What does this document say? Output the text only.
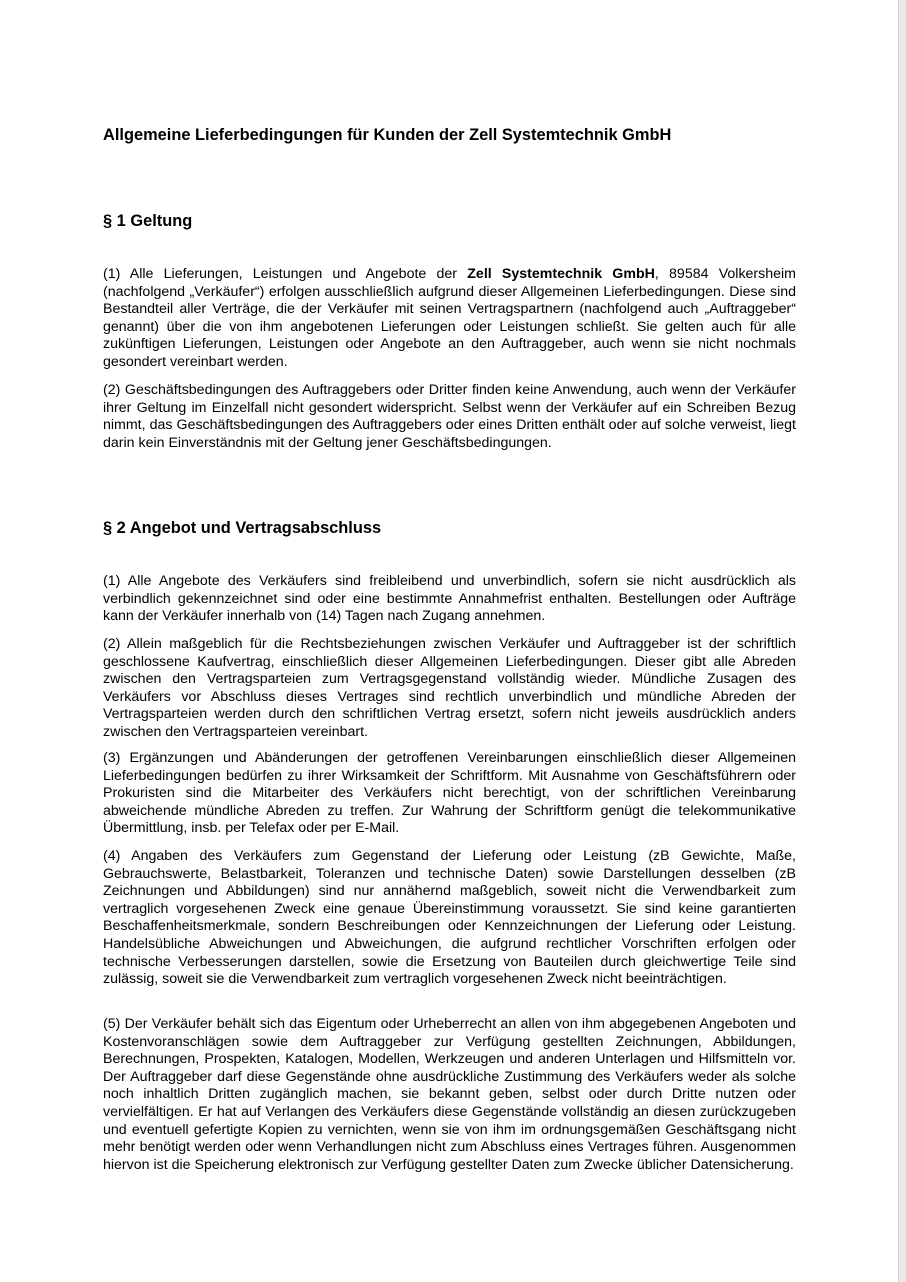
Allgemeine Lieferbedingungen für Kunden der Zell Systemtechnik GmbH
§ 1 Geltung

(1) Alle Lieferungen, Leistungen und Angebote der Zell Systemtechnik GmbH, 89584 Volkersheim (nachfolgend „Verkäufer“) erfolgen ausschließlich aufgrund dieser Allgemeinen Lieferbedingungen. Diese sind Bestandteil aller Verträge, die der Verkäufer mit seinen Vertragspartnern (nachfolgend auch „Auftraggeber“ genannt) über die von ihm angebotenen Lieferungen oder Leistungen schließt. Sie gelten auch für alle zukünftigen Lieferungen, Leistungen oder Angebote an den Auftraggeber, auch wenn sie nicht nochmals gesondert vereinbart werden.

(2) Geschäftsbedingungen des Auftraggebers oder Dritter finden keine Anwendung, auch wenn der Verkäufer ihrer Geltung im Einzelfall nicht gesondert widerspricht. Selbst wenn der Verkäufer auf ein Schreiben Bezug nimmt, das Geschäftsbedingungen des Auftraggebers oder eines Dritten enthält oder auf solche verweist, liegt darin kein Einverständnis mit der Geltung jener Geschäftsbedingungen.

§ 2 Angebot und Vertragsabschluss

(1) Alle Angebote des Verkäufers sind freibleibend und unverbindlich, sofern sie nicht ausdrücklich als verbindlich gekennzeichnet sind oder eine bestimmte Annahmefrist enthalten. Bestellungen oder Aufträge kann der Verkäufer innerhalb von (14) Tagen nach Zugang annehmen.

(2) Allein maßgeblich für die Rechtsbeziehungen zwischen Verkäufer und Auftraggeber ist der schriftlich geschlossene Kaufvertrag, einschließlich dieser Allgemeinen Lieferbedingungen. Dieser gibt alle Abreden zwischen den Vertragsparteien zum Vertragsgegenstand vollständig wieder. Mündliche Zusagen des Verkäufers vor Abschluss dieses Vertrages sind rechtlich unverbindlich und mündliche Abreden der Vertragsparteien werden durch den schriftlichen Vertrag ersetzt, sofern nicht jeweils ausdrücklich anders zwischen den Vertragsparteien vereinbart.

(3) Ergänzungen und Abänderungen der getroffenen Vereinbarungen einschließlich dieser Allgemeinen Lieferbedingungen bedürfen zu ihrer Wirksamkeit der Schriftform. Mit Ausnahme von Geschäftsführern oder Prokuristen sind die Mitarbeiter des Verkäufers nicht berechtigt, von der schriftlichen Vereinbarung abweichende mündliche Abreden zu treffen. Zur Wahrung der Schriftform genügt die telekommunikative Übermittlung, insb. per Telefax oder per E-Mail.

(4) Angaben des Verkäufers zum Gegenstand der Lieferung oder Leistung (zB Gewichte, Maße, Gebrauchswerte, Belastbarkeit, Toleranzen und technische Daten) sowie Darstellungen desselben (zB Zeichnungen und Abbildungen) sind nur annähernd maßgeblich, soweit nicht die Verwendbarkeit zum vertraglich vorgesehenen Zweck eine genaue Übereinstimmung voraussetzt. Sie sind keine garantierten Beschaffenheitsmerkmale, sondern Beschreibungen oder Kennzeichnungen der Lieferung oder Leistung. Handelsübliche Abweichungen und Abweichungen, die aufgrund rechtlicher Vorschriften erfolgen oder technische Verbesserungen darstellen, sowie die Ersetzung von Bauteilen durch gleichwertige Teile sind zulässig, soweit sie die Verwendbarkeit zum vertraglich vorgesehenen Zweck nicht beeinträchtigen.

(5) Der Verkäufer behält sich das Eigentum oder Urheberrecht an allen von ihm abgegebenen Angeboten und Kostenvoranschlägen sowie dem Auftraggeber zur Verfügung gestellten Zeichnungen, Abbildungen, Berechnungen, Prospekten, Katalogen, Modellen, Werkzeugen und anderen Unterlagen und Hilfsmitteln vor. Der Auftraggeber darf diese Gegenstände ohne ausdrückliche Zustimmung des Verkäufers weder als solche noch inhaltlich Dritten zugänglich machen, sie bekannt geben, selbst oder durch Dritte nutzen oder vervielfältigen. Er hat auf Verlangen des Verkäufers diese Gegenstände vollständig an diesen zurückzugeben und eventuell gefertigte Kopien zu vernichten, wenn sie von ihm im ordnungsgemäßen Geschäftsgang nicht mehr benötigt werden oder wenn Verhandlungen nicht zum Abschluss eines Vertrages führen. Ausgenommen hiervon ist die Speicherung elektronisch zur Verfügung gestellter Daten zum Zwecke üblicher Datensicherung.
